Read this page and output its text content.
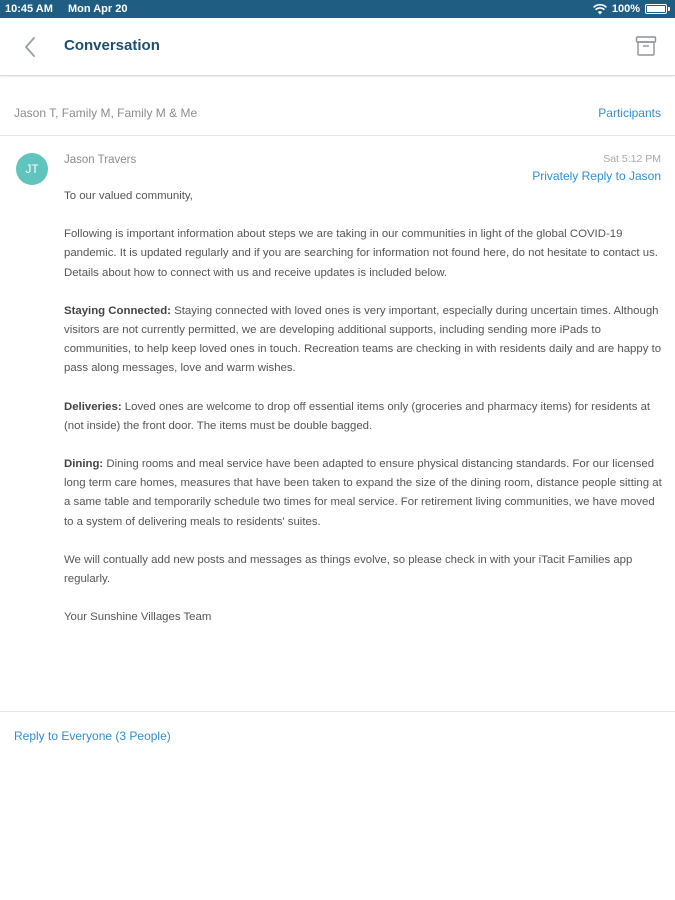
10:45 AM Mon Apr 20	100%
Conversation
Jason T, Family M, Family M & Me	Participants
JT
Jason Travers	Sat 5:12 PM
Privately Reply to Jason

To our valued community,

Following is important information about steps we are taking in our communities in light of the global COVID-19 pandemic. It is updated regularly and if you are searching for information not found here, do not hesitate to contact us. Details about how to connect with us and receive updates is included below.

Staying Connected: Staying connected with loved ones is very important, especially during uncertain times. Although visitors are not currently permitted, we are developing additional supports, including sending more iPads to communities, to help keep loved ones in touch. Recreation teams are checking in with residents daily and are happy to pass along messages, love and warm wishes.

Deliveries: Loved ones are welcome to drop off essential items only (groceries and pharmacy items) for residents at (not inside) the front door. The items must be double bagged.

Dining: Dining rooms and meal service have been adapted to ensure physical distancing standards. For our licensed long term care homes, measures that have been taken to expand the size of the dining room, distance people sitting at a same table and temporarily schedule two times for meal service. For retirement living communities, we have moved to a system of delivering meals to residents' suites.

We will contually add new posts and messages as things evolve, so please check in with your iTacit Families app regularly.

Your Sunshine Villages Team

Reply to Everyone (3 People)
